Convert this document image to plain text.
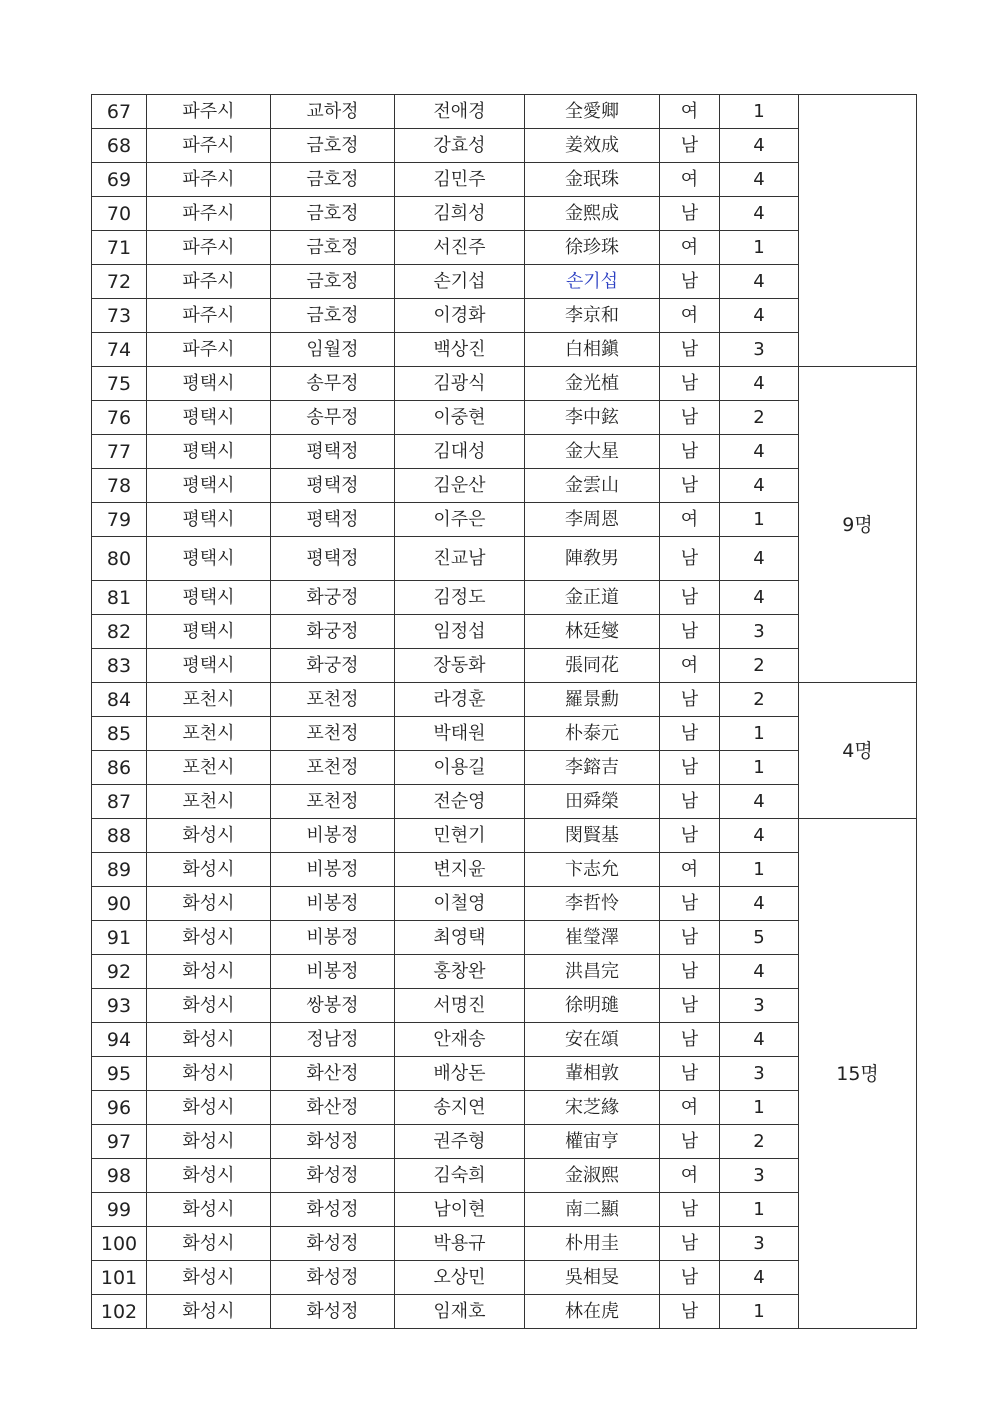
67	파주시	교하정	전애경	全愛卿	여	1	
68	파주시	금호정	강효성	姜效成	남	4	
69	파주시	금호정	김민주	金珉珠	여	4	
70	파주시	금호정	김희성	金熙成	남	4	
71	파주시	금호정	서진주	徐珍珠	여	1	
72	파주시	금호정	손기섭	손기섭	남	4	
73	파주시	금호정	이경화	李京和	여	4	
74	파주시	임월정	백상진	白相鎭	남	3	
75	평택시	송무정	김광식	金光植	남	4	9명
76	평택시	송무정	이중현	李中鉉	남	2	
77	평택시	평택정	김대성	金大星	남	4	
78	평택시	평택정	김운산	金雲山	남	4	
79	평택시	평택정	이주은	李周恩	여	1	
80	평택시	평택정	진교남	陣敎男	남	4	
81	평택시	화궁정	김정도	金正道	남	4	
82	평택시	화궁정	임정섭	林廷燮	남	3	
83	평택시	화궁정	장동화	張同花	여	2	
84	포천시	포천정	라경훈	羅景勳	남	2	4명
85	포천시	포천정	박태원	朴泰元	남	1	
86	포천시	포천정	이용길	李鎔吉	남	1	
87	포천시	포천정	전순영	田舜榮	남	4	
88	화성시	비봉정	민현기	閔賢基	남	4	15명
89	화성시	비봉정	변지윤	卞志允	여	1	
90	화성시	비봉정	이철영	李哲怜	남	4	
91	화성시	비봉정	최영택	崔瑩澤	남	5	
92	화성시	비봉정	홍창완	洪昌完	남	4	
93	화성시	쌍봉정	서명진	徐明璡	남	3	
94	화성시	정남정	안재송	安在頌	남	4	
95	화성시	화산정	배상돈	輩相敦	남	3	
96	화성시	화산정	송지연	宋芝緣	여	1	
97	화성시	화성정	권주형	權宙亨	남	2	
98	화성시	화성정	김숙희	金淑熙	여	3	
99	화성시	화성정	남이현	南二顯	남	1	
100	화성시	화성정	박용규	朴用圭	남	3	
101	화성시	화성정	오상민	吳相旻	남	4	
102	화성시	화성정	임재호	林在虎	남	1	
